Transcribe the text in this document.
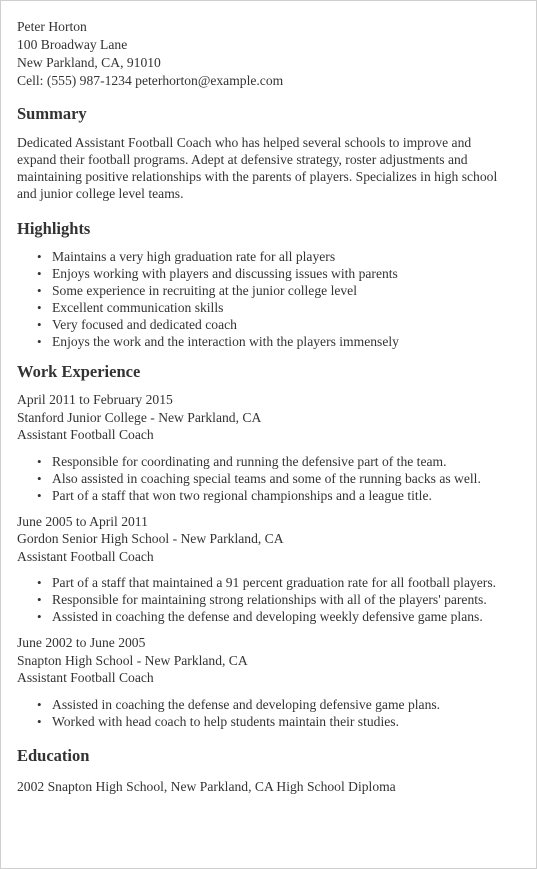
Peter Horton

100 Broadway Lane

New Parkland, CA, 91010

Cell: (555) 987-1234 peterhorton@example.com

Summary

Dedicated Assistant Football Coach who has helped several schools to improve and

expand their football programs. Adept at defensive strategy, roster adjustments and

maintaining positive relationships with the parents of players. Specializes in high school

and junior college level teams.

Highlights
• Maintains a very high graduation rate for all players
• Enjoys working with players and discussing issues with parents
• Some experience in recruiting at the junior college level
• Excellent communication skills
• Very focused and dedicated coach
• Enjoys the work and the interaction with the players immensely
Work Experience

April 2011 to February 2015

Stanford Junior College - New Parkland, CA

Assistant Football Coach

• Responsible for coordinating and running the defensive part of the team.
• Also assisted in coaching special teams and some of the running backs as well.
• Part of a staff that won two regional championships and a league title.

June 2005 to April 2011

Gordon Senior High School - New Parkland, CA

Assistant Football Coach

• Part of a staff that maintained a 91 percent graduation rate for all football players.
• Responsible for maintaining strong relationships with all of the players' parents.
• Assisted in coaching the defense and developing weekly defensive game plans.

June 2002 to June 2005

Snapton High School - New Parkland, CA

Assistant Football Coach

• Assisted in coaching the defense and developing defensive game plans.
• Worked with head coach to help students maintain their studies.
Education

2002 Snapton High School, New Parkland, CA High School Diploma
